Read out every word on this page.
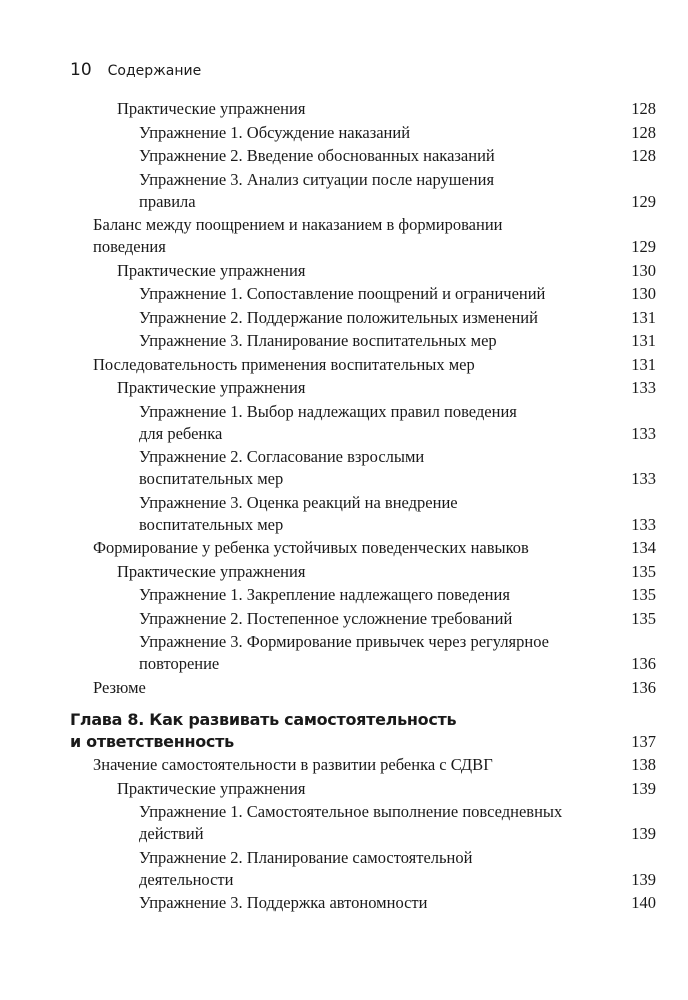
10 Содержание
Практические упражнения	128
Упражнение 1. Обсуждение наказаний	128
Упражнение 2. Введение обоснованных наказаний	128
Упражнение 3. Анализ ситуации после нарушения
правила	129
Баланс между поощрением и наказанием в формировании
поведения	129
Практические упражнения	130
Упражнение 1. Сопоставление поощрений и ограничений	130
Упражнение 2. Поддержание положительных изменений	131
Упражнение 3. Планирование воспитательных мер	131
Последовательность применения воспитательных мер	131
Практические упражнения	133
Упражнение 1. Выбор надлежащих правил поведения
для ребенка	133
Упражнение 2. Согласование взрослыми
воспитательных мер	133
Упражнение 3. Оценка реакций на внедрение
воспитательных мер	133
Формирование у ребенка устойчивых поведенческих навыков	134
Практические упражнения	135
Упражнение 1. Закрепление надлежащего поведения	135
Упражнение 2. Постепенное усложнение требований	135
Упражнение 3. Формирование привычек через регулярное
повторение	136
Резюме	136
Глава 8. Как развивать самостоятельность
и ответственность	137
Значение самостоятельности в развитии ребенка с СДВГ	138
Практические упражнения	139
Упражнение 1. Самостоятельное выполнение повседневных
действий	139
Упражнение 2. Планирование самостоятельной
деятельности	139
Упражнение 3. Поддержка автономности	140
